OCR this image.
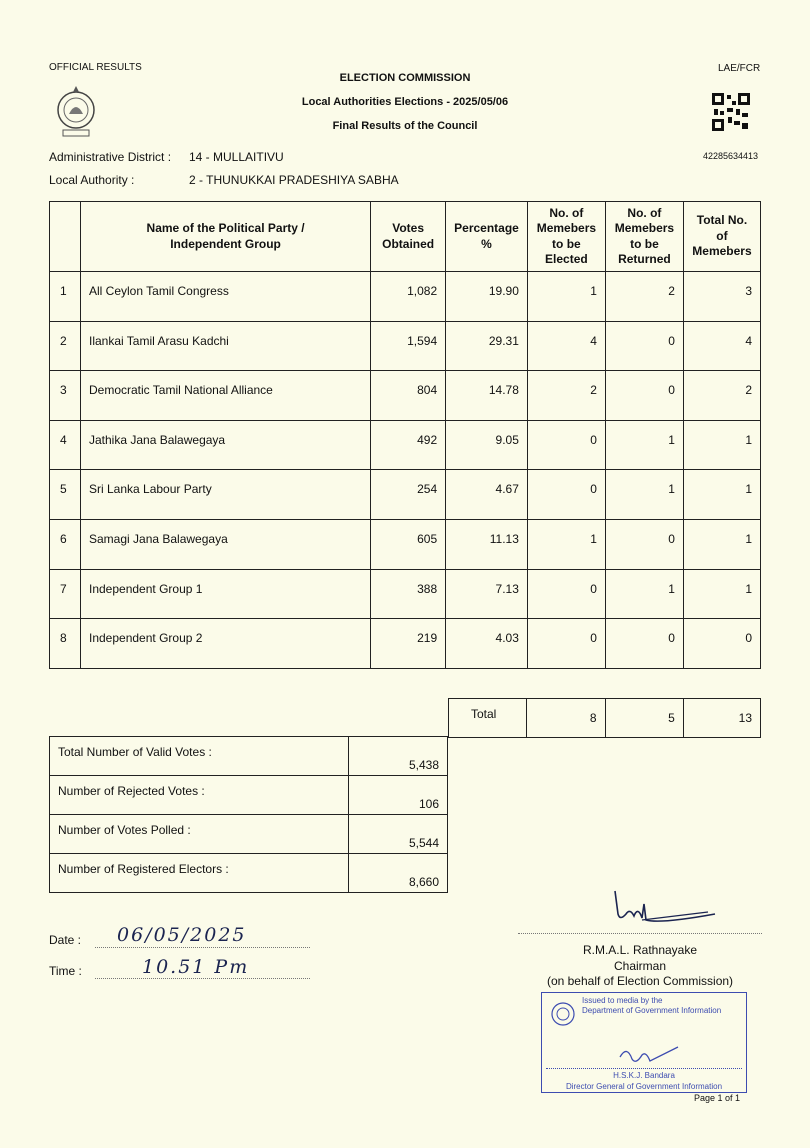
OFFICIAL RESULTS	LAE/FCR
ELECTION COMMISSION
Local Authorities Elections - 2025/05/06
Final Results of the Council
42285634413
Administrative District : 14 - MULLAITIVU
Local Authority :	2 - THUNUKKAI PRADESHIYA SABHA
	Name of the Political Party / Independent Group	Votes Obtained	Percentage %	No. of Memebers to be Elected	No. of Memebers to be Returned	Total No. of Memebers
1	All Ceylon Tamil Congress	1,082	19.90	1	2	3
2	Ilankai Tamil Arasu Kadchi	1,594	29.31	4	0	4
3	Democratic Tamil National Alliance	804	14.78	2	0	2
4	Jathika Jana Balawegaya	492	9.05	0	1	1
5	Sri Lanka Labour Party	254	4.67	0	1	1
6	Samagi Jana Balawegaya	605	11.13	1	0	1
7	Independent Group 1	388	7.13	0	1	1
8	Independent Group 2	219	4.03	0	0	0
Total	8	5	13
Total Number of Valid Votes :	5,438
Number of Rejected Votes :	106
Number of Votes Polled :	5,544
Number of Registered Electors :	8,660
Date : 06/05/2025
Time :	10.51 Pm
R.M.A.L. Rathnayake
Chairman
(on behalf of Election Commission)
Issued to media by the
Department of Government Information
H.S.K.J. Bandara
Director General of Government Information
Page 1 of 1
